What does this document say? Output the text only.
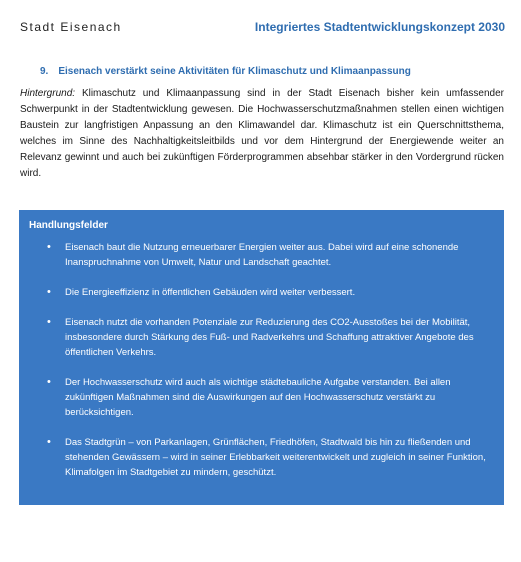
Stadt Eisenach	Integriertes Stadtentwicklungskonzept 2030
9. Eisenach verstärkt seine Aktivitäten für Klimaschutz und Klimaanpassung

Hintergrund: Klimaschutz und Klimaanpassung sind in der Stadt Eisenach bisher kein umfassender Schwerpunkt in der Stadtentwicklung gewesen. Die Hochwasserschutzmaßnahmen stellen einen wichtigen Baustein zur langfristigen Anpassung an den Klimawandel dar. Klimaschutz ist ein Querschnittsthema, welches im Sinne des Nachhaltigkeitsleitbilds und vor dem Hintergrund der Energiewende weiter an Relevanz gewinnt und auch bei zukünftigen Förderprogrammen absehbar stärker in den Vordergrund rücken wird.

Handlungsfelder
• Eisenach baut die Nutzung erneuerbarer Energien weiter aus. Dabei wird auf eine schonende Inanspruchnahme von Umwelt, Natur und Landschaft geachtet.
• Die Energieeffizienz in öffentlichen Gebäuden wird weiter verbessert.
• Eisenach nutzt die vorhanden Potenziale zur Reduzierung des CO2-Ausstoßes bei der Mobilität, insbesondere durch Stärkung des Fuß- und Radverkehrs und Schaffung attraktiver Angebote des öffentlichen Verkehrs.
• Der Hochwasserschutz wird auch als wichtige städtebauliche Aufgabe verstanden. Bei allen zukünftigen Maßnahmen sind die Auswirkungen auf den Hochwasserschutz verstärkt zu berücksichtigen.
• Das Stadtgrün – von Parkanlagen, Grünflächen, Friedhöfen, Stadtwald bis hin zu fließenden und stehenden Gewässern – wird in seiner Erlebbarkeit weiterentwickelt und zugleich in seiner Funktion, Klimafolgen im Stadtgebiet zu mindern, geschützt.
